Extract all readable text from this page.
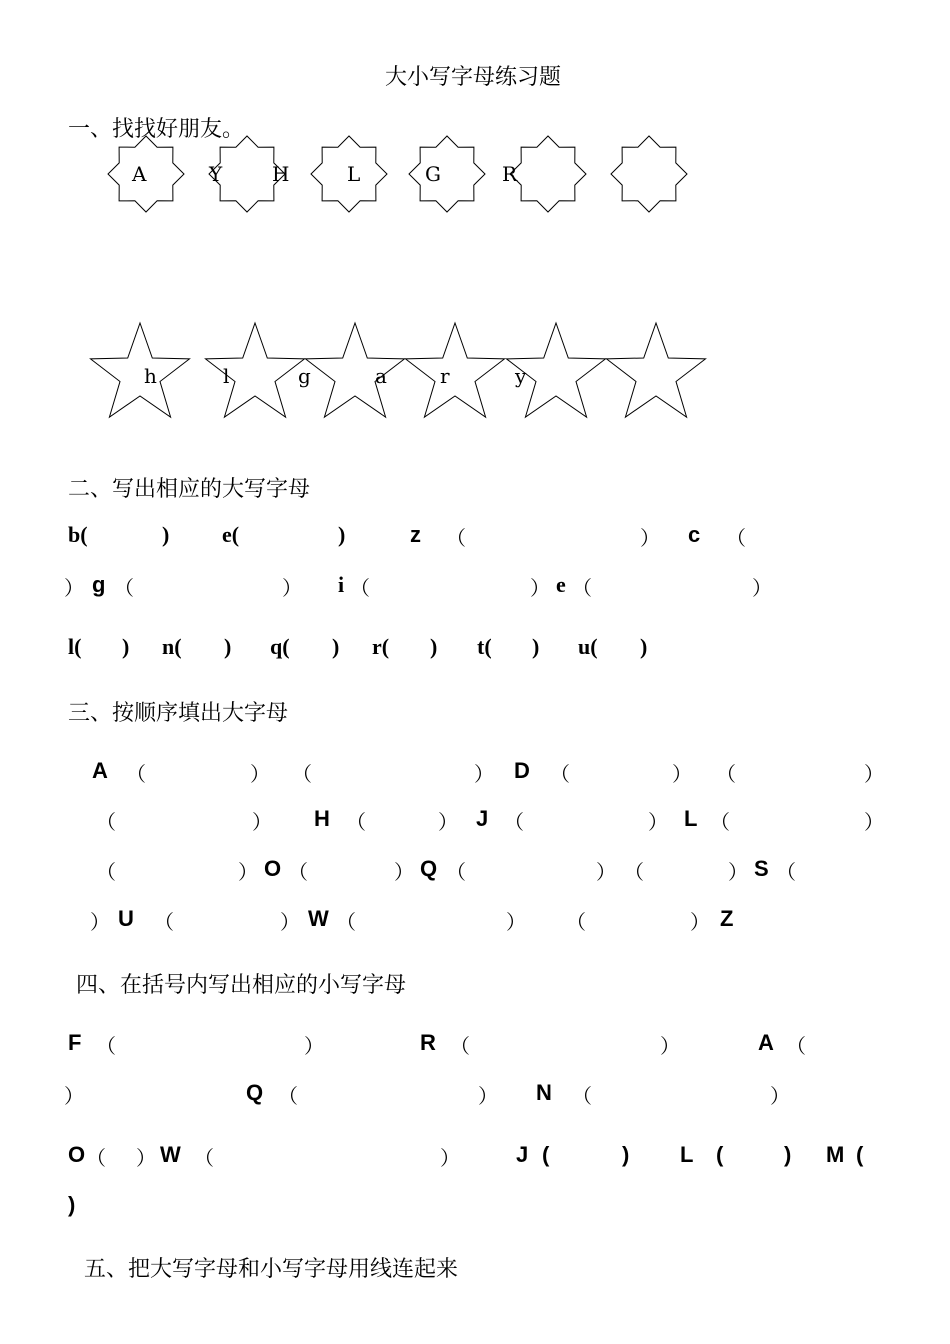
大小写字母练习题
一、找找好朋友。
A	Y H	L	G	R
h	l	g	a	r	y
二、写出相应的大写字母
b(	) e(	)	z （	） c （
） g （	） i （	） e （	）
l( ) n( ) q( ) r( ) t( ) u( )
三、按顺序填出大字母
A （	） （	） D （	） （	）
（	） H （	） J （	） L （	）
（	） O （	） Q （	） （	） S （
） U （	） W （	） （	） Z
四、在括号内写出相应的小写字母
F （	）	R （	）	A （
）	Q （	） N （	）
O （ ） W （	）	J (	) L (	) M (
)
五、把大写字母和小写字母用线连起来
